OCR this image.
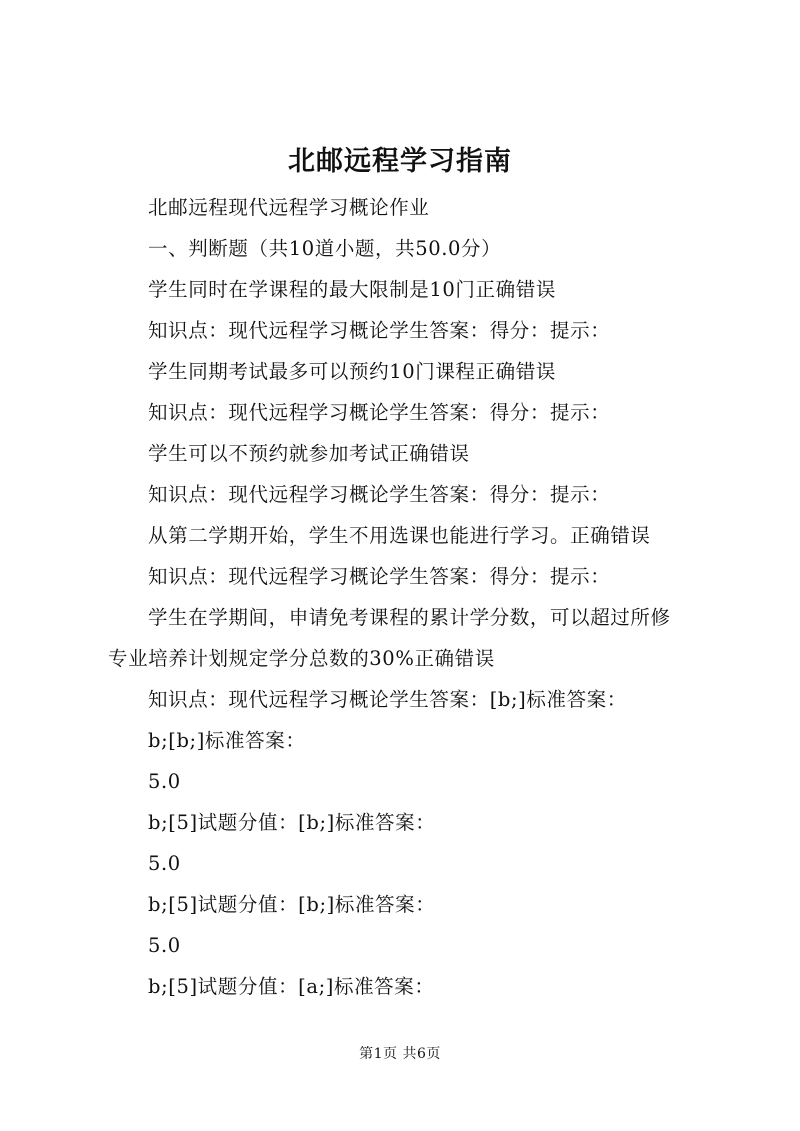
北邮远程学习指南
北邮远程现代远程学习概论作业
一、判断题（共10道小题，共50.0分）
学生同时在学课程的最大限制是10门正确错误
知识点：现代远程学习概论学生答案：得分：提示：
学生同期考试最多可以预约10门课程正确错误
知识点：现代远程学习概论学生答案：得分：提示：
学生可以不预约就参加考试正确错误
知识点：现代远程学习概论学生答案：得分：提示：
从第二学期开始，学生不用选课也能进行学习。正确错误
知识点：现代远程学习概论学生答案：得分：提示：
学生在学期间，申请免考课程的累计学分数，可以超过所修
专业培养计划规定学分总数的30%正确错误
知识点：现代远程学习概论学生答案：[b;]标准答案：
b;[b;]标准答案：
5.0
b;[5]试题分值：[b;]标准答案：
5.0
b;[5]试题分值：[b;]标准答案：
5.0
b;[5]试题分值：[a;]标准答案：
第1页 共6页
